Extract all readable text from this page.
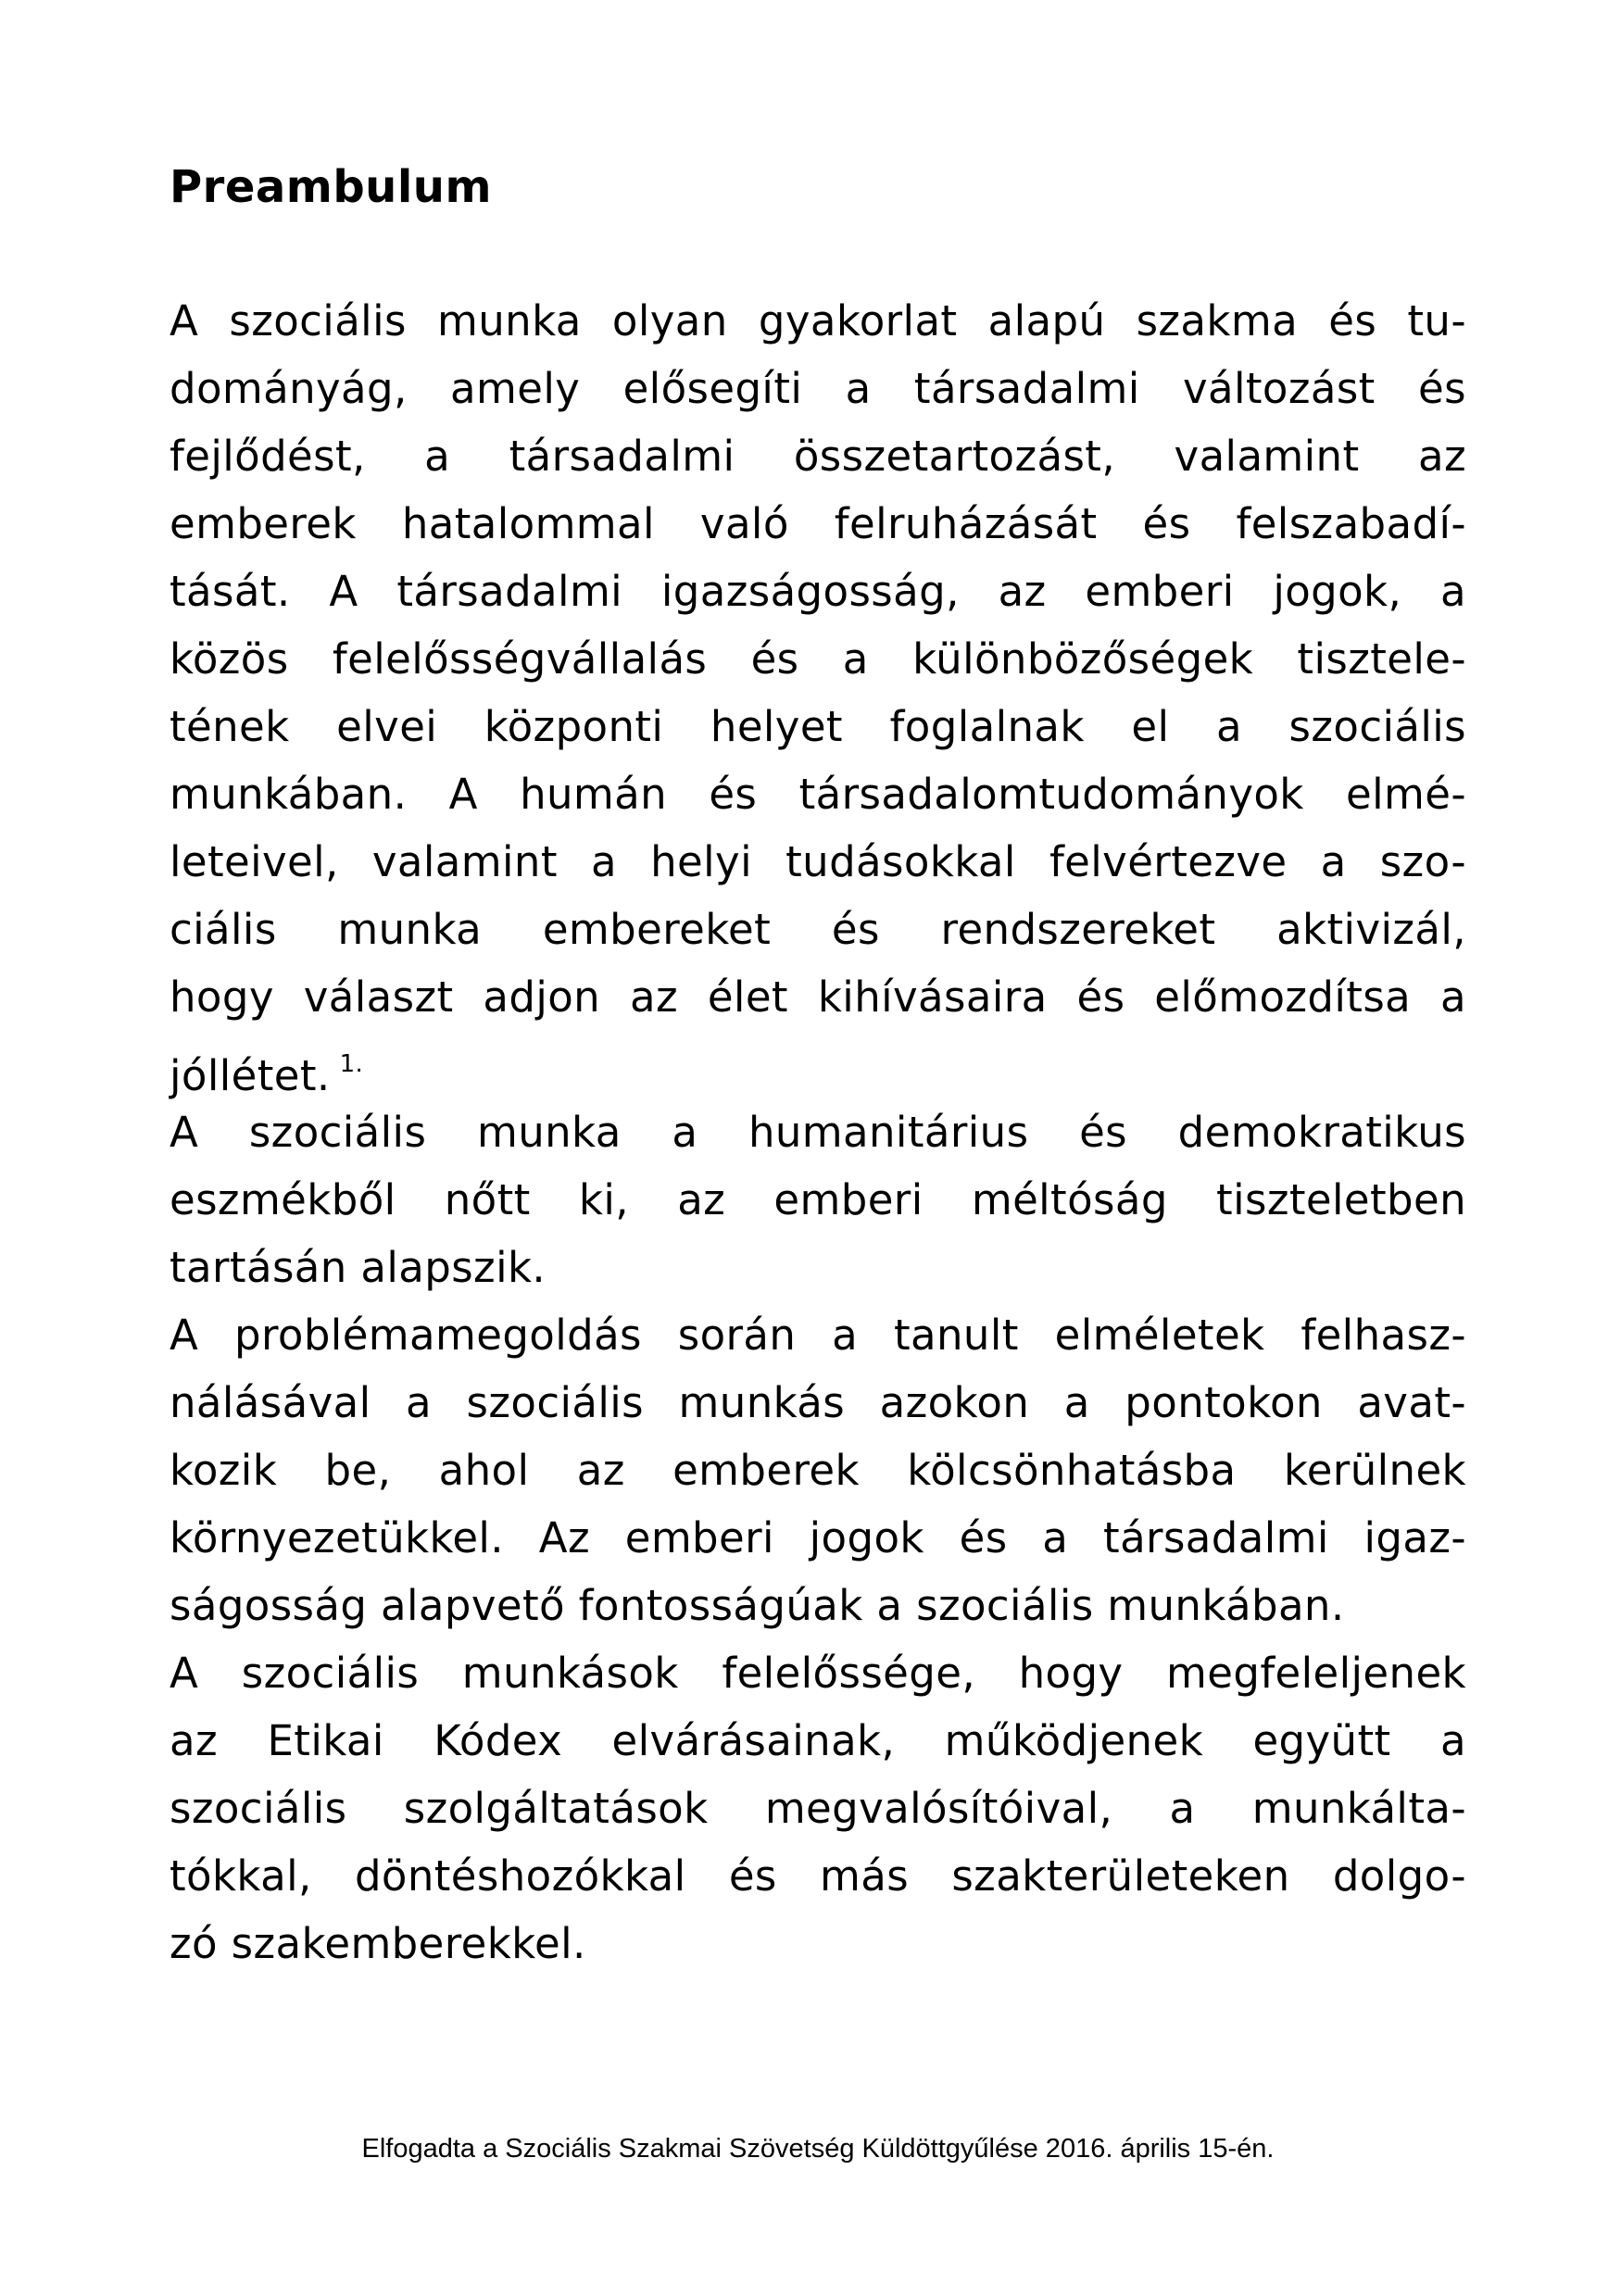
Preambulum
A szociális munka olyan gyakorlat alapú szakma és tu-
dományág, amely elősegíti a társadalmi változást és
fejlődést, a társadalmi összetartozást, valamint az
emberek hatalommal való felruházását és felszabadí-
tását. A társadalmi igazságosság, az emberi jogok, a
közös felelősségvállalás és a különbözőségek tisztele-
tének elvei központi helyet foglalnak el a szociális
munkában. A humán és társadalomtudományok elmé-
leteivel, valamint a helyi tudásokkal felvértezve a szo-
ciális munka embereket és rendszereket aktivizál,
hogy választ adjon az élet kihívásaira és előmozdítsa a
jóllétet. $^{1.}$
A szociális munka a humanitárius és demokratikus
eszmékből nőtt ki, az emberi méltóság tiszteletben
tartásán alapszik.
A problémamegoldás során a tanult elméletek felhasz-
nálásával a szociális munkás azokon a pontokon avat-
kozik be, ahol az emberek kölcsönhatásba kerülnek
környezetükkel. Az emberi jogok és a társadalmi igaz-
ságosság alapvető fontosságúak a szociális munkában.
A szociális munkások felelőssége, hogy megfeleljenek
az Etikai Kódex elvárásainak, működjenek együtt a
szociális szolgáltatások megvalósítóival, a munkálta-
tókkal, döntéshozókkal és más szakterületeken dolgo-
zó szakemberekkel.
Elfogadta a Szociális Szakmai Szövetség Küldöttgyűlése 2016. április 15-én.
